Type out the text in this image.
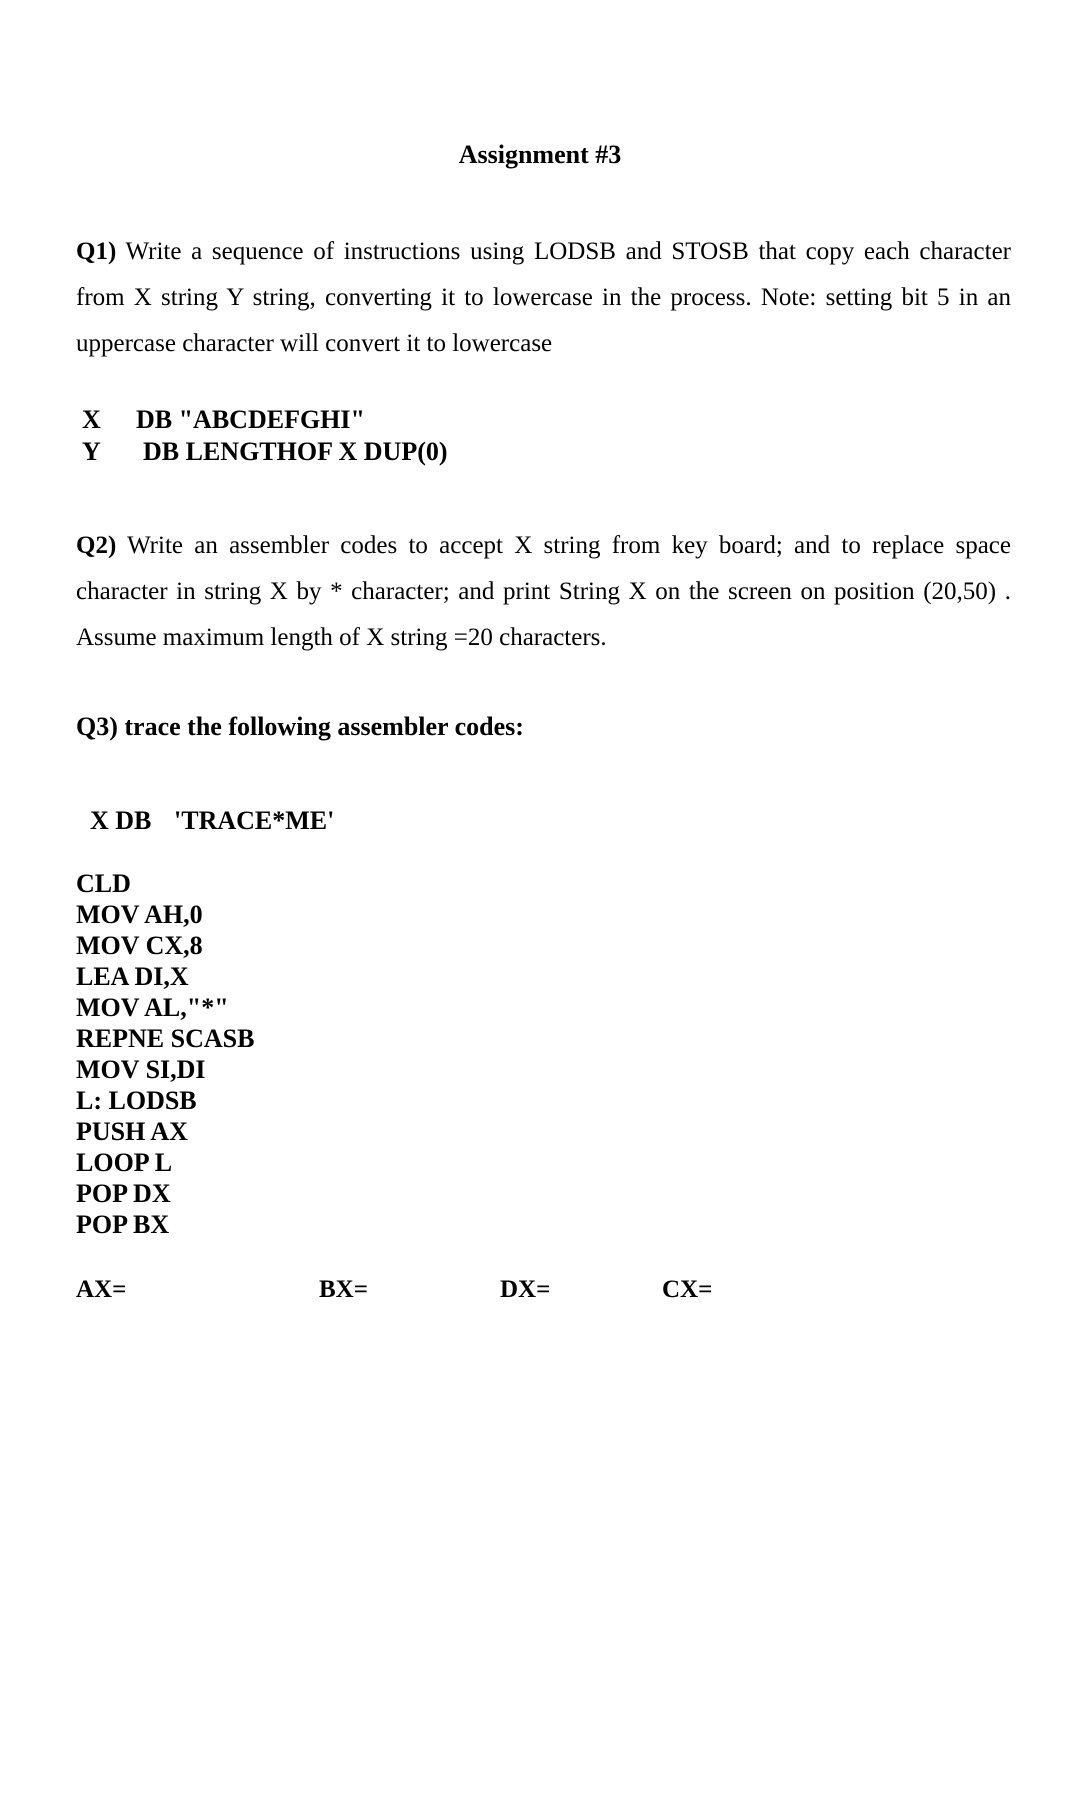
Assignment #3
Q1) Write a sequence of instructions using LODSB and STOSB that copy each character from X string Y string, converting it to lowercase in the process. Note: setting bit 5 in an uppercase character will convert it to lowercase
X DB "ABCDEFGHI"
Y DB LENGTHOF X DUP(0)
Q2) Write an assembler codes to accept X string from key board; and to replace space character in string X by * character; and print String X on the screen on position (20,50) . Assume maximum length of X string =20 characters.
Q3) trace the following assembler codes:
X DB 'TRACE*ME'
CLD
MOV AH,0
MOV CX,8
LEA DI,X
MOV AL,"*"
REPNE SCASB
MOV SI,DI
L: LODSB
PUSH AX
LOOP L
POP DX
POP BX
AX=	BX=	DX=	CX=
